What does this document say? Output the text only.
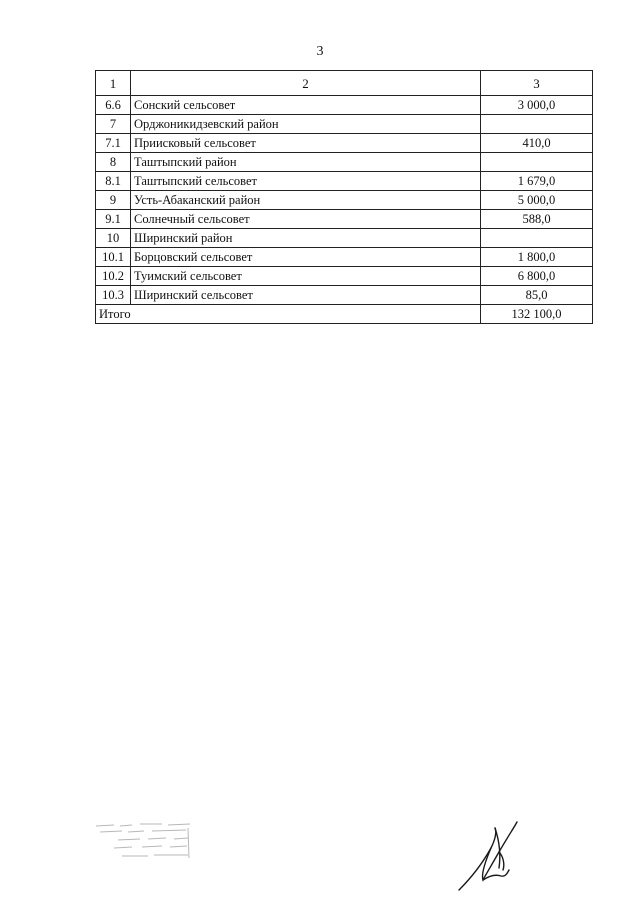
3
1	2	3
6.6	Сонский сельсовет	3 000,0
7	Орджоникидзевский район	
7.1	Приисковый сельсовет	410,0
8	Таштыпский район	
8.1	Таштыпский сельсовет	1 679,0
9	Усть-Абаканский район	5 000,0
9.1	Солнечный сельсовет	588,0
10	Ширинский район	
10.1	Борцовский сельсовет	1 800,0
10.2	Туимский сельсовет	6 800,0
10.3	Ширинский сельсовет	85,0
Итого		132 100,0
